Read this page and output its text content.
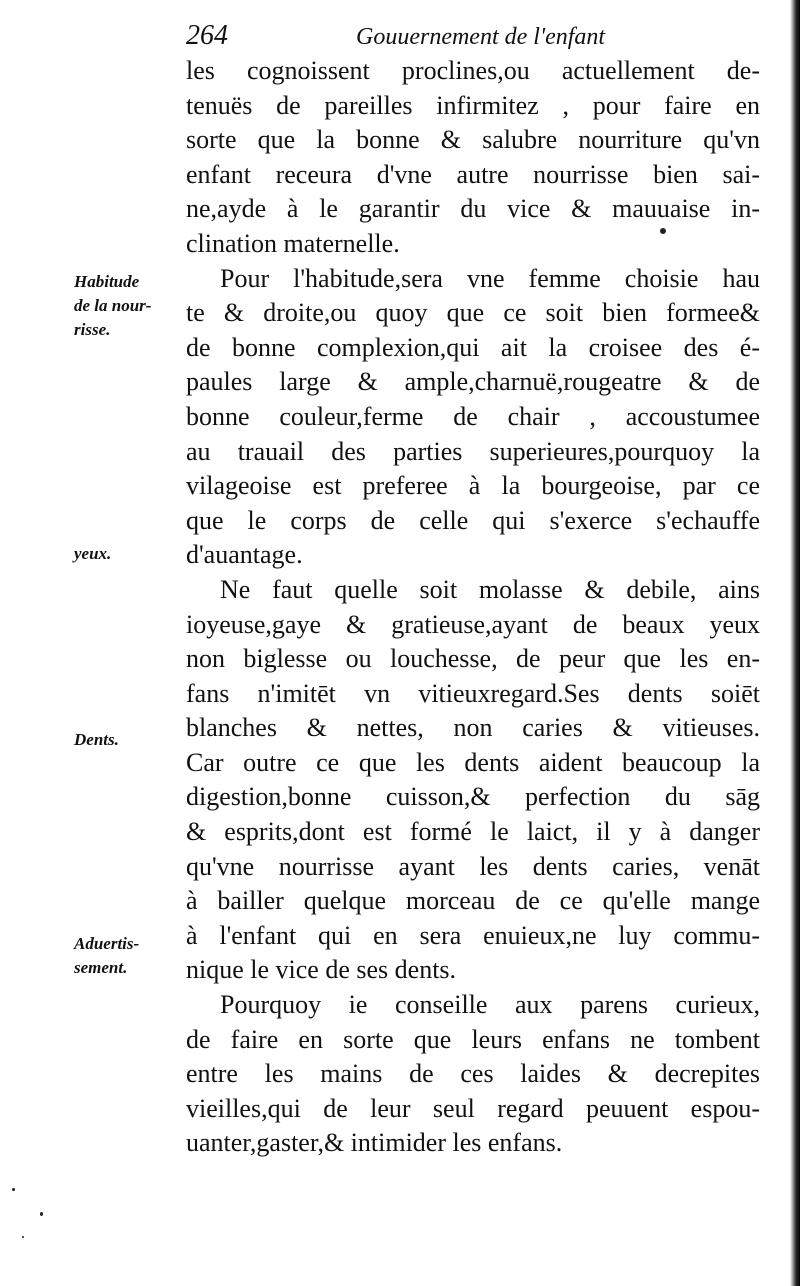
264	Gouuernement de l'enfant
les cognoissent proclines,ou actuellement de-
tenuës de pareilles infirmitez , pour faire en
sorte que la bonne & salubre nourriture qu'vn
enfant receura d'vne autre nourrisse bien sai-
ne,ayde à le garantir du vice & mauuaise in-
clination maternelle.
Pour l'habitude,sera vne femme choisie hau
te & droite,ou quoy que ce soit bien formee&
de bonne complexion,qui ait la croisee des é-
paules large & ample,charnuë,rougeatre & de
bonne couleur,ferme de chair , accoustumee
au trauail des parties superieures,pourquoy la
vilageoise est preferee à la bourgeoise, par ce
que le corps de celle qui s'exerce s'echauffe
d'auantage.
Ne faut quelle soit molasse & debile, ains
ioyeuse,gaye & gratieuse,ayant de beaux yeux
non biglesse ou louchesse, de peur que les en-
fans n'imitēt vn vitieuxregard.Ses dents soiēt
blanches & nettes, non caries & vitieuses.
Car outre ce que les dents aident beaucoup la
digestion,bonne cuisson,& perfection du sāg
& esprits,dont est formé le laict, il y à danger
qu'vne nourrisse ayant les dents caries, venāt
à bailler quelque morceau de ce qu'elle mange
à l'enfant qui en sera enuieux,ne luy commu-
nique le vice de ses dents.
Pourquoy ie conseille aux parens curieux,
de faire en sorte que leurs enfans ne tombent
entre les mains de ces laides & decrepites
vieilles,qui de leur seul regard peuuent espou-
uanter,gaster,& intimider les enfans.
Habitude
de la nour-
risse.
yeux.
Dents.
Aduertis-
sement.
